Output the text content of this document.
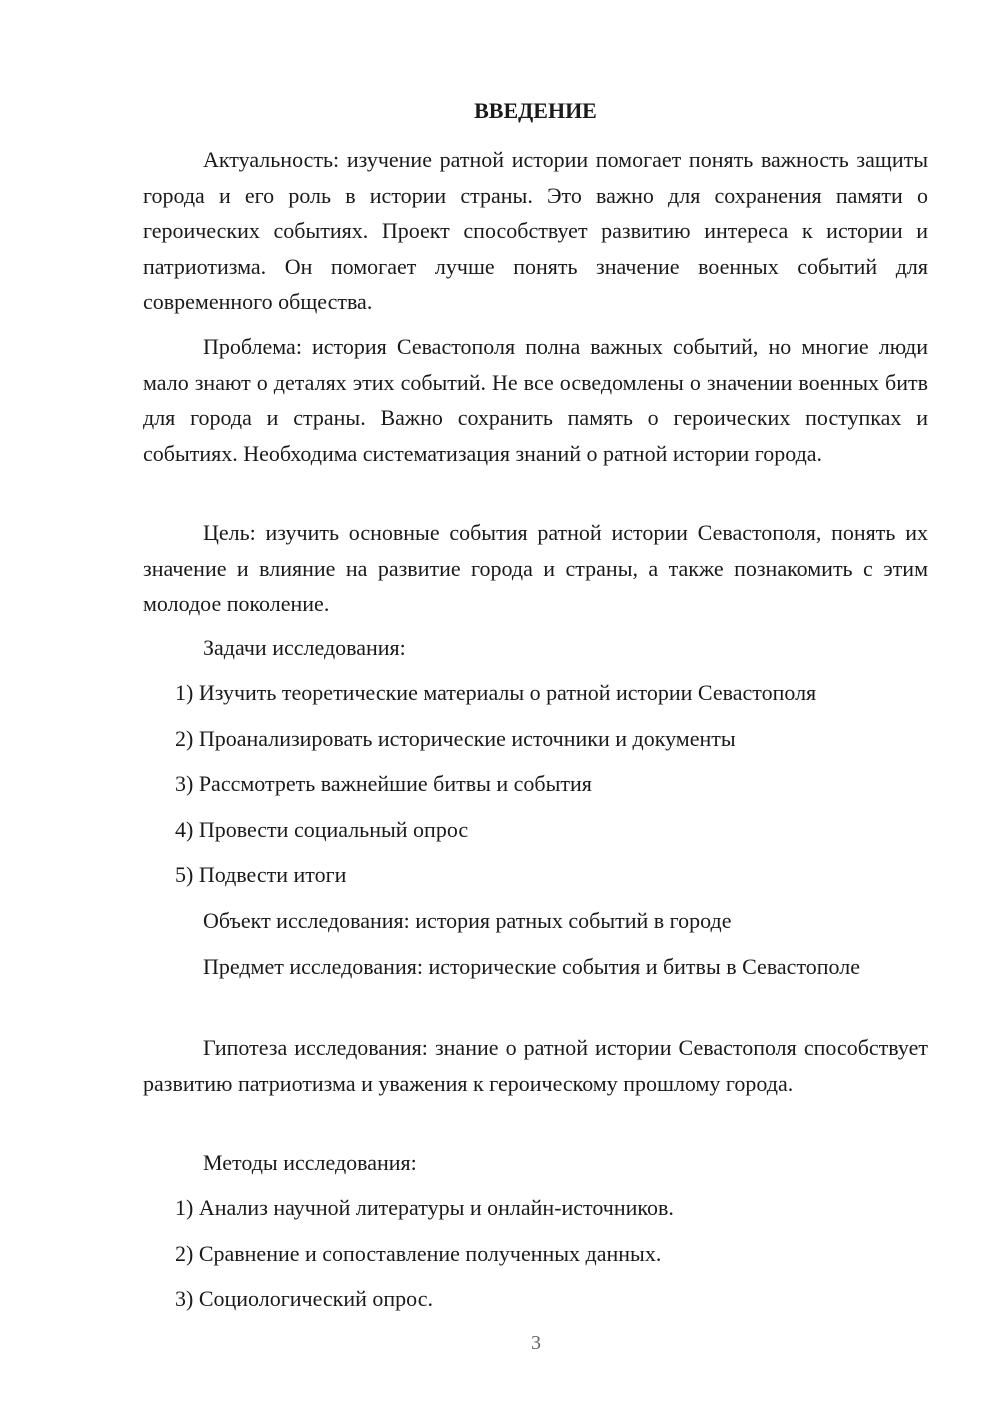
ВВЕДЕНИЕ

Актуальность: изучение ратной истории помогает понять важность защиты города и его роль в истории страны. Это важно для сохранения памяти о героических событиях. Проект способствует развитию интереса к истории и патриотизма. Он помогает лучше понять значение военных событий для современного общества.

Проблема: история Севастополя полна важных событий, но многие люди мало знают о деталях этих событий. Не все осведомлены о значении военных битв для города и страны. Важно сохранить память о героических поступках и событиях. Необходима систематизация знаний о ратной истории города.

Цель: изучить основные события ратной истории Севастополя, понять их значение и влияние на развитие города и страны, а также познакомить с этим молодое поколение.

Задачи исследования:

1) Изучить теоретические материалы о ратной истории Севастополя

2) Проанализировать исторические источники и документы

3) Рассмотреть важнейшие битвы и события

4) Провести социальный опрос

5) Подвести итоги

Объект исследования: история ратных событий в городе

Предмет исследования: исторические события и битвы в Севастополе

Гипотеза исследования: знание о ратной истории Севастополя способствует развитию патриотизма и уважения к героическому прошлому города.

Методы исследования:

1) Анализ научной литературы и онлайн-источников.

2) Сравнение и сопоставление полученных данных.

3) Социологический опрос.

3
